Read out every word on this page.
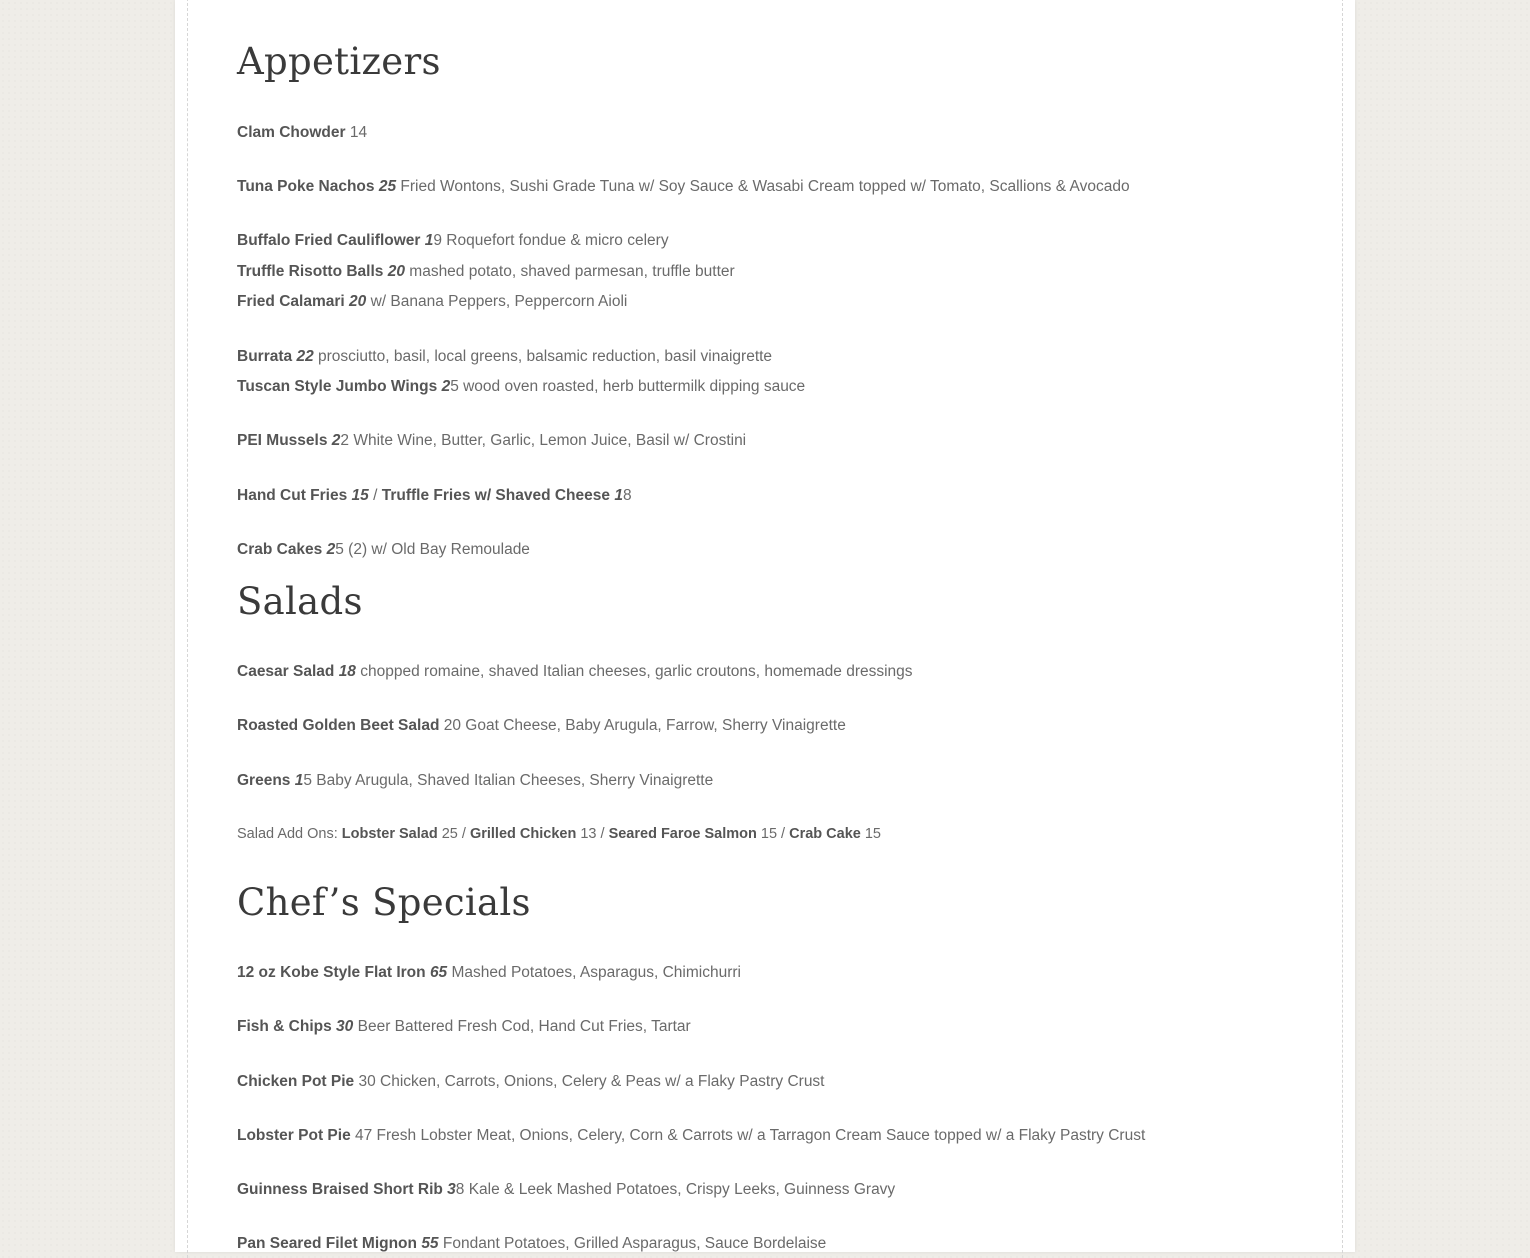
Appetizers
Clam Chowder 14
Tuna Poke Nachos 25 Fried Wontons, Sushi Grade Tuna w/ Soy Sauce & Wasabi Cream topped w/ Tomato, Scallions & Avocado
Buffalo Fried Cauliflower 19 Roquefort fondue & micro celery
Truffle Risotto Balls 20 mashed potato, shaved parmesan, truffle butter
Fried Calamari 20 w/ Banana Peppers, Peppercorn Aioli
Burrata 22 prosciutto, basil, local greens, balsamic reduction, basil vinaigrette
Tuscan Style Jumbo Wings 25 wood oven roasted, herb buttermilk dipping sauce
PEI Mussels 22 White Wine, Butter, Garlic, Lemon Juice, Basil w/ Crostini
Hand Cut Fries 15 / Truffle Fries w/ Shaved Cheese 18
Crab Cakes 25 (2) w/ Old Bay Remoulade
Salads
Caesar Salad 18 chopped romaine, shaved Italian cheeses, garlic croutons, homemade dressings
Roasted Golden Beet Salad 20 Goat Cheese, Baby Arugula, Farrow, Sherry Vinaigrette
Greens 15 Baby Arugula, Shaved Italian Cheeses, Sherry Vinaigrette
Salad Add Ons: Lobster Salad 25 / Grilled Chicken 13 / Seared Faroe Salmon 15 / Crab Cake 15
Chef’s Specials
12 oz Kobe Style Flat Iron 65 Mashed Potatoes, Asparagus, Chimichurri
Fish & Chips 30 Beer Battered Fresh Cod, Hand Cut Fries, Tartar
Chicken Pot Pie 30 Chicken, Carrots, Onions, Celery & Peas w/ a Flaky Pastry Crust
Lobster Pot Pie 47 Fresh Lobster Meat, Onions, Celery, Corn & Carrots w/ a Tarragon Cream Sauce topped w/ a Flaky Pastry Crust
Guinness Braised Short Rib 38 Kale & Leek Mashed Potatoes, Crispy Leeks, Guinness Gravy
Pan Seared Filet Mignon 55 Fondant Potatoes, Grilled Asparagus, Sauce Bordelaise
